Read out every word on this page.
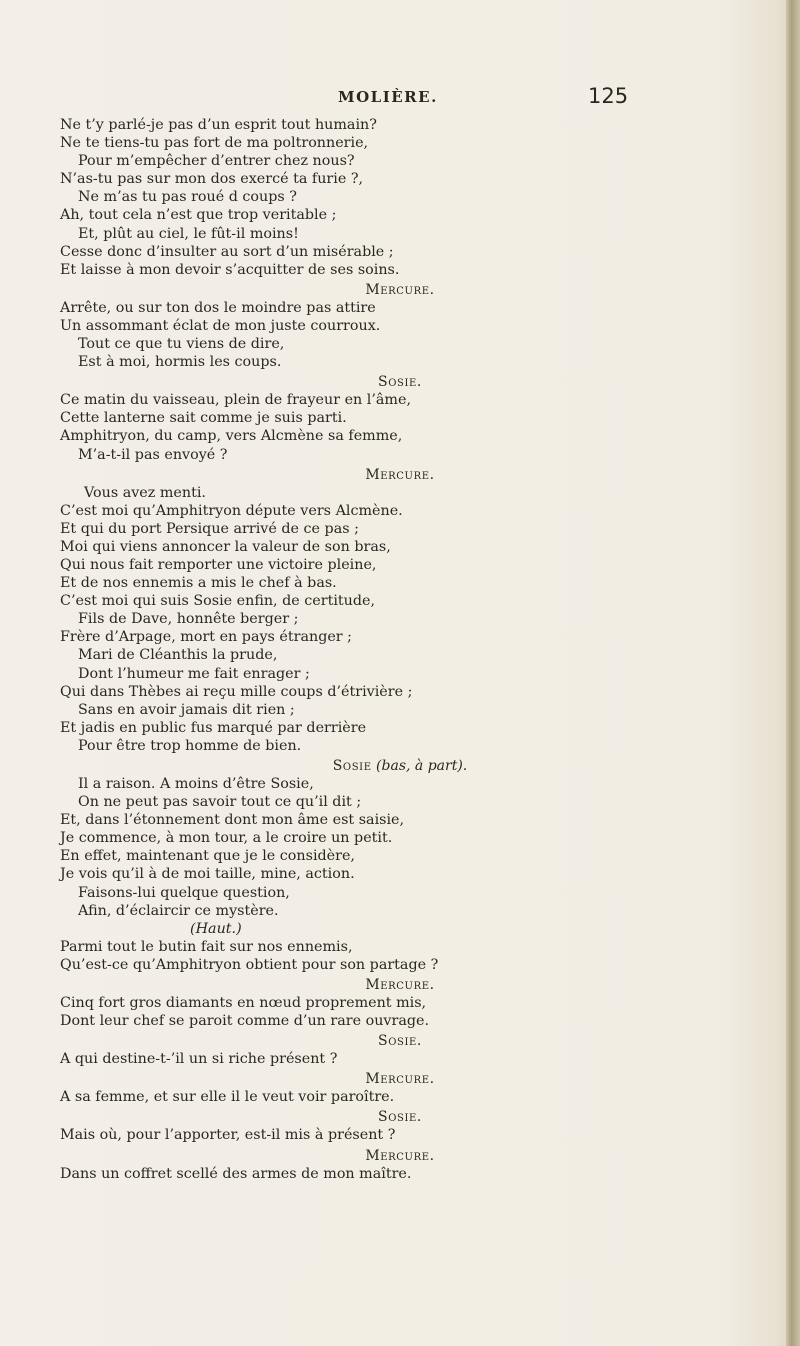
MOLIÈRE.	125
Ne t’y parlé-je pas d’un esprit tout humain?
Ne te tiens-tu pas fort de ma poltronnerie,
Pour m’empêcher d’entrer chez nous?
N’as-tu pas sur mon dos exercé ta furie ?,
Ne m’as tu pas roué d coups ?
Ah, tout cela n’est que trop veritable ;
Et, plût au ciel, le fût-il moins!
Cesse donc d’insulter au sort d’un misérable ;
Et laisse à mon devoir s’acquitter de ses soins.
Mercure.
Arrête, ou sur ton dos le moindre pas attire
Un assommant éclat de mon juste courroux.
Tout ce que tu viens de dire,
Est à moi, hormis les coups.
Sosie.
Ce matin du vaisseau, plein de frayeur en l’âme,
Cette lanterne sait comme je suis parti.
Amphitryon, du camp, vers Alcmène sa femme,
M’a-t-il pas envoyé ?
Mercure.
Vous avez menti.
C’est moi qu’Amphitryon députe vers Alcmène.
Et qui du port Persique arrivé de ce pas ;
Moi qui viens annoncer la valeur de son bras,
Qui nous fait remporter une victoire pleine,
Et de nos ennemis a mis le chef à bas.
C’est moi qui suis Sosie enfin, de certitude,
Fils de Dave, honnête berger ;
Frère d’Arpage, mort en pays étranger ;
Mari de Cléanthis la prude,
Dont l’humeur me fait enrager ;
Qui dans Thèbes ai reçu mille coups d’étrivière ;
Sans en avoir jamais dit rien ;
Et jadis en public fus marqué par derrière
Pour être trop homme de bien.
Sosie (bas, à part).
Il a raison. A moins d’être Sosie,
On ne peut pas savoir tout ce qu’il dit ;
Et, dans l’étonnement dont mon âme est saisie,
Je commence, à mon tour, a le croire un petit.
En effet, maintenant que je le considère,
Je vois qu’il à de moi taille, mine, action.
Faisons-lui quelque question,
Afin, d’éclaircir ce mystère.
(Haut.)
Parmi tout le butin fait sur nos ennemis,
Qu’est-ce qu’Amphitryon obtient pour son partage ?
Mercure.
Cinq fort gros diamants en nœud proprement mis,
Dont leur chef se paroit comme d’un rare ouvrage.
Sosie.
A qui destine-t-’il un si riche présent ?
Mercure.
A sa femme, et sur elle il le veut voir paroître.
Sosie.
Mais où, pour l’apporter, est-il mis à présent ?
Mercure.
Dans un coffret scellé des armes de mon maître.
